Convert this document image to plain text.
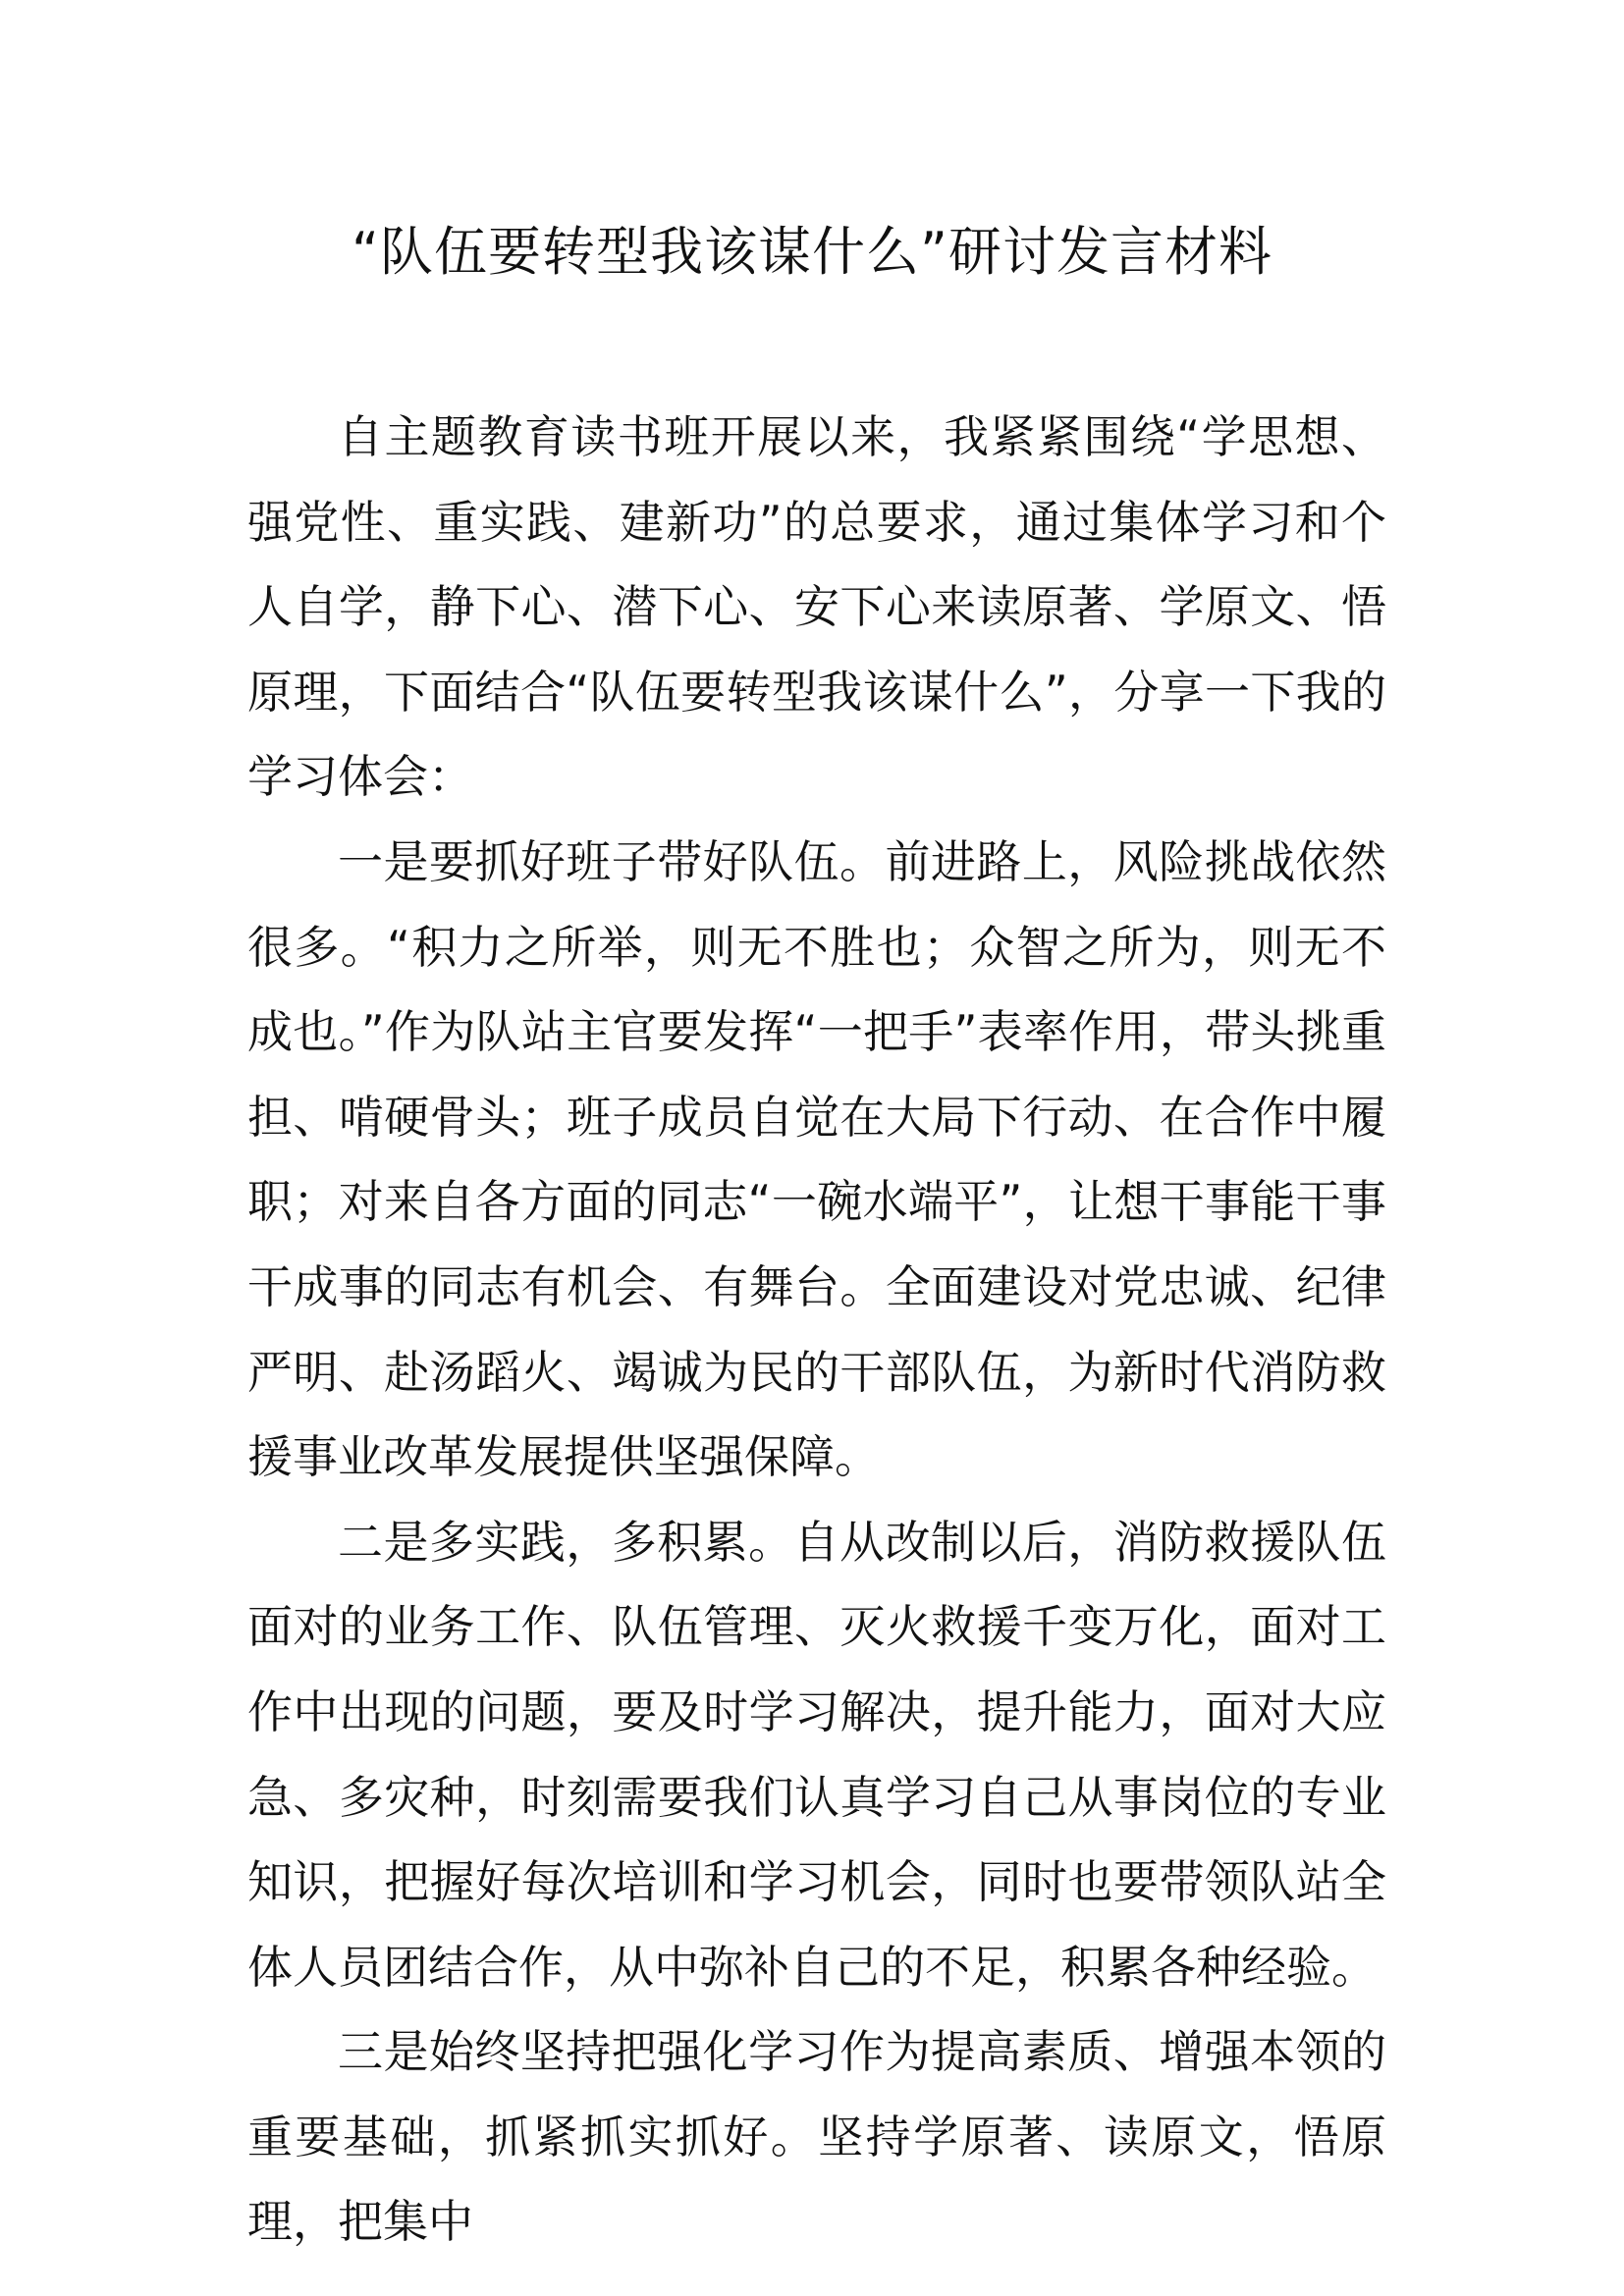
“队伍要转型我该谋什么”研讨发言材料

自主题教育读书班开展以来，我紧紧围绕“学思想、强党性、重实践、建新功”的总要求，通过集体学习和个人自学，静下心、潜下心、安下心来读原著、学原文、悟原理，下面结合“队伍要转型我该谋什么”，分享一下我的学习体会：

一是要抓好班子带好队伍。前进路上，风险挑战依然很多。“积力之所举，则无不胜也；众智之所为，则无不成也。”作为队站主官要发挥“一把手”表率作用，带头挑重担、啃硬骨头；班子成员自觉在大局下行动、在合作中履职；对来自各方面的同志“一碗水端平”，让想干事能干事干成事的同志有机会、有舞台。全面建设对党忠诚、纪律严明、赴汤蹈火、竭诚为民的干部队伍，为新时代消防救援事业改革发展提供坚强保障。

二是多实践，多积累。自从改制以后，消防救援队伍面对的业务工作、队伍管理、灭火救援千变万化，面对工作中出现的问题，要及时学习解决，提升能力，面对大应急、多灾种，时刻需要我们认真学习自己从事岗位的专业知识，把握好每次培训和学习机会，同时也要带领队站全体人员团结合作，从中弥补自己的不足，积累各种经验。

三是始终坚持把强化学习作为提高素质、增强本领的重要基础，抓紧抓实抓好。坚持学原著、读原文，悟原理，把集中
